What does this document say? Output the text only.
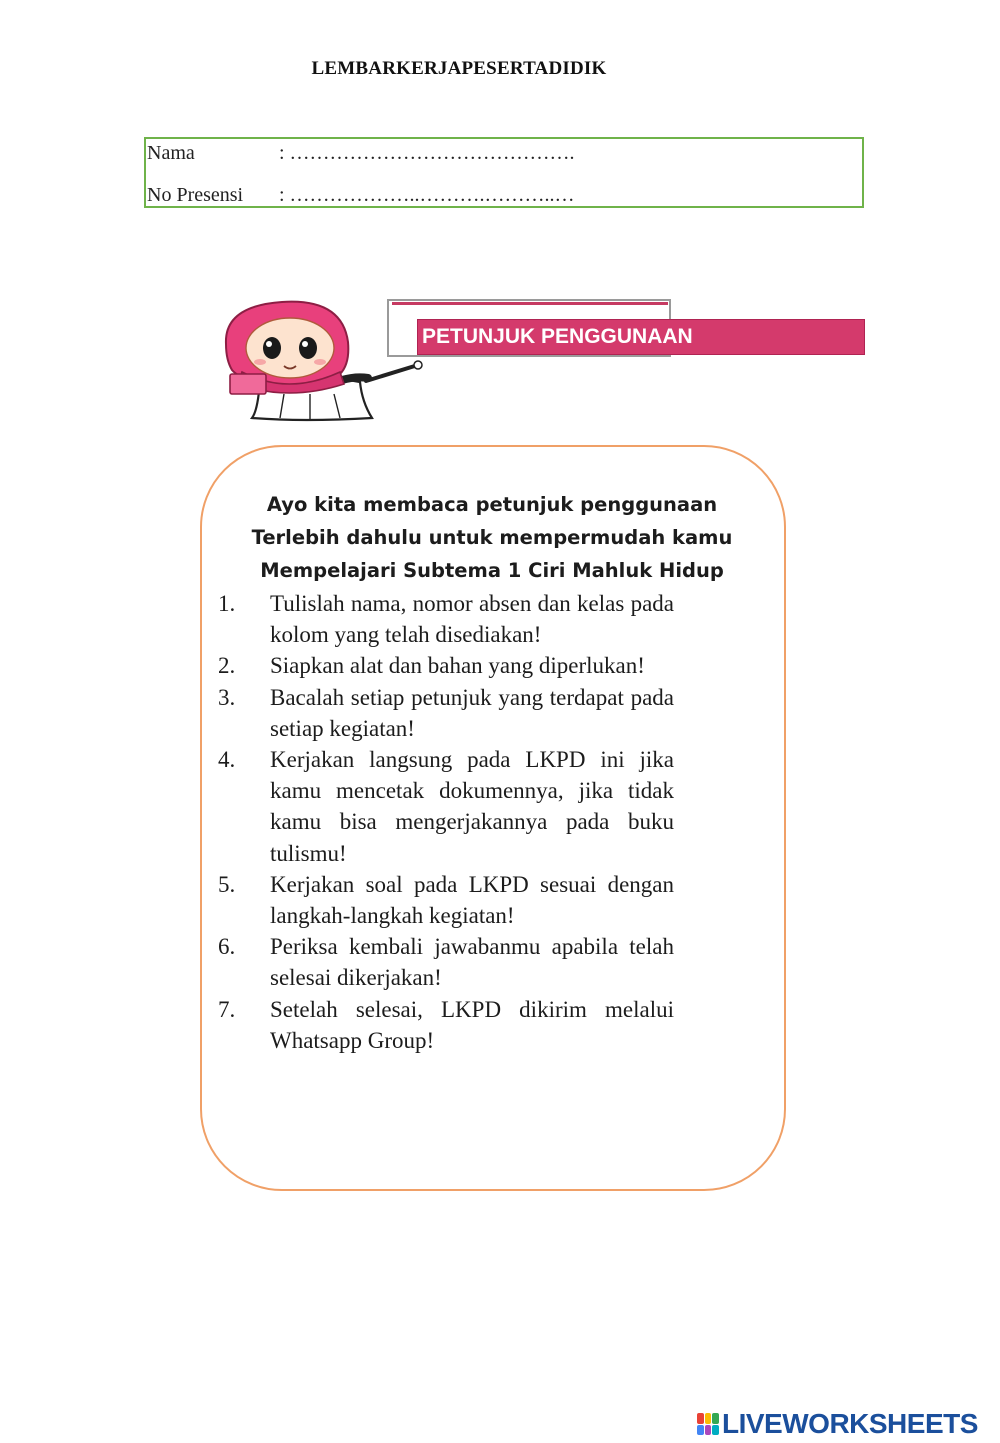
LEMBARKERJAPESERTADIDIK
Nama	: …………………………………….
No Presensi : ………………..……….………..…
PETUNJUK PENGGUNAAN
Ayo kita membaca petunjuk penggunaan
Terlebih dahulu untuk mempermudah kamu
Mempelajari Subtema 1 Ciri Mahluk Hidup
1. Tulislah nama, nomor absen dan kelas pada kolom yang telah disediakan!
2. Siapkan alat dan bahan yang diperlukan!
3. Bacalah setiap petunjuk yang terdapat pada setiap kegiatan!
4. Kerjakan langsung pada LKPD ini jika kamu mencetak dokumennya, jika tidak kamu bisa mengerjakannya pada buku tulismu!
5. Kerjakan soal pada LKPD sesuai dengan langkah-langkah kegiatan!
6. Periksa kembali jawabanmu apabila telah selesai dikerjakan!
7. Setelah selesai, LKPD dikirim melalui Whatsapp Group!
LIVEWORKSHEETS
